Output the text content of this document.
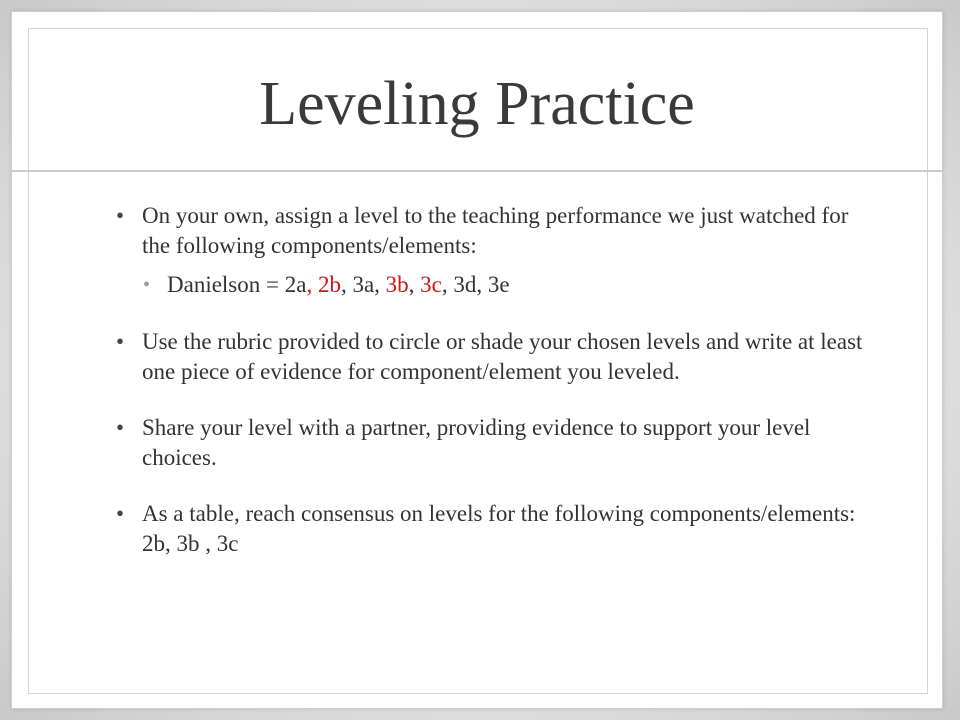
Leveling Practice
• On your own, assign a level to the teaching performance we just watched for the following components/elements:
• Danielson = 2a, 2b, 3a, 3b, 3c, 3d, 3e
• Use the rubric provided to circle or shade your chosen levels and write at least one piece of evidence for component/element you leveled.
• Share your level with a partner, providing evidence to support your level choices.
• As a table, reach consensus on levels for the following components/elements: 2b, 3b , 3c
